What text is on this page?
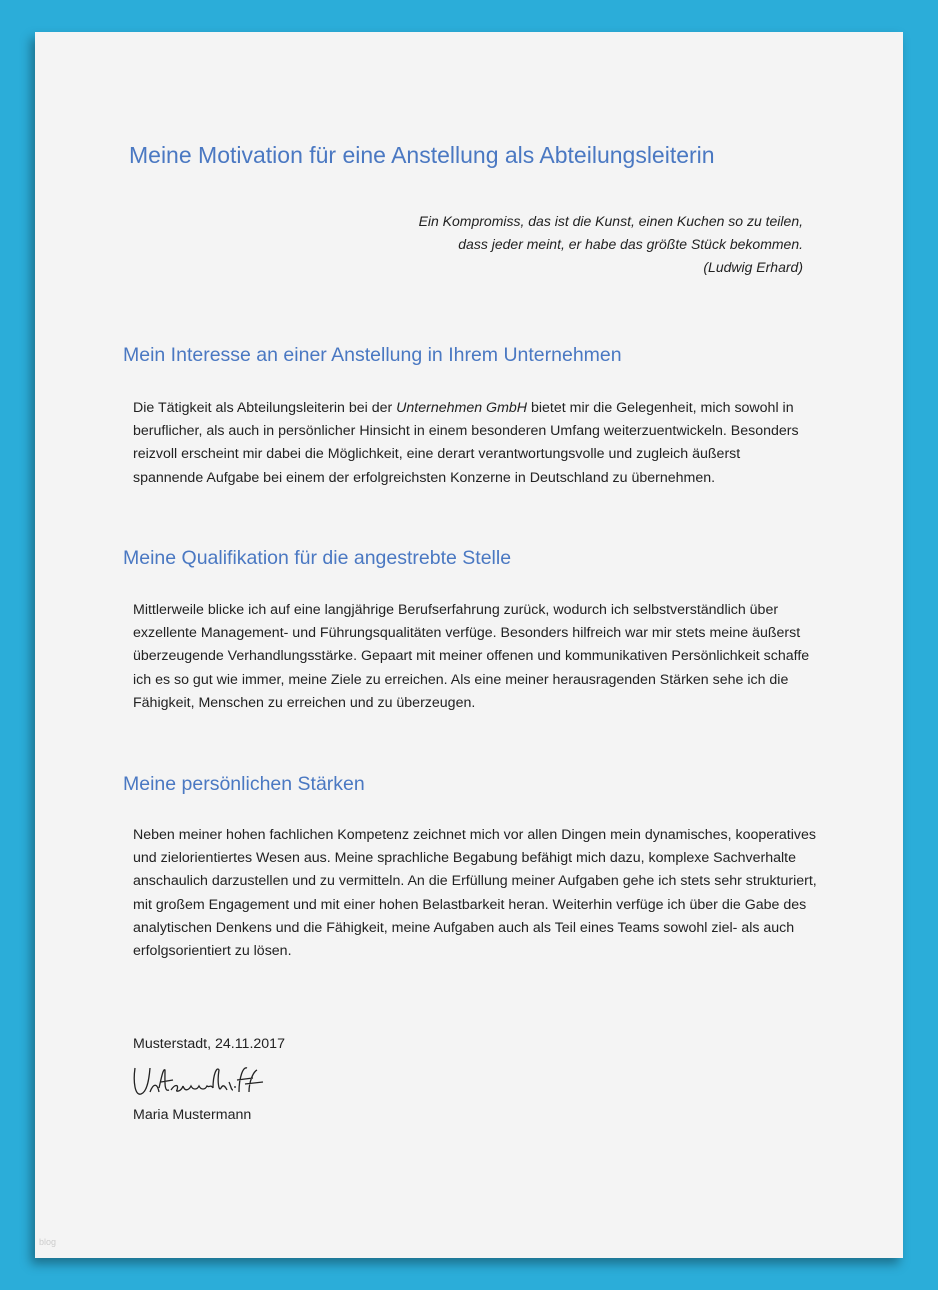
Meine Motivation für eine Anstellung als Abteilungsleiterin
Ein Kompromiss, das ist die Kunst, einen Kuchen so zu teilen,
dass jeder meint, er habe das größte Stück bekommen.
(Ludwig Erhard)
Mein Interesse an einer Anstellung in Ihrem Unternehmen

Die Tätigkeit als Abteilungsleiterin bei der Unternehmen GmbH bietet mir die Gelegenheit, mich sowohl in beruflicher, als auch in persönlicher Hinsicht in einem besonderen Umfang weiterzuentwickeln. Besonders reizvoll erscheint mir dabei die Möglichkeit, eine derart verantwortungsvolle und zugleich äußerst spannende Aufgabe bei einem der erfolgreichsten Konzerne in Deutschland zu übernehmen.

Meine Qualifikation für die angestrebte Stelle

Mittlerweile blicke ich auf eine langjährige Berufserfahrung zurück, wodurch ich selbstverständlich über exzellente Management- und Führungsqualitäten verfüge. Besonders hilfreich war mir stets meine äußerst überzeugende Verhandlungsstärke. Gepaart mit meiner offenen und kommunikativen Persönlichkeit schaffe ich es so gut wie immer, meine Ziele zu erreichen. Als eine meiner herausragenden Stärken sehe ich die Fähigkeit, Menschen zu erreichen und zu überzeugen.

Meine persönlichen Stärken

Neben meiner hohen fachlichen Kompetenz zeichnet mich vor allen Dingen mein dynamisches, kooperatives und zielorientiertes Wesen aus. Meine sprachliche Begabung befähigt mich dazu, komplexe Sachverhalte anschaulich darzustellen und zu vermitteln. An die Erfüllung meiner Aufgaben gehe ich stets sehr strukturiert, mit großem Engagement und mit einer hohen Belastbarkeit heran. Weiterhin verfüge ich über die Gabe des analytischen Denkens und die Fähigkeit, meine Aufgaben auch als Teil eines Teams sowohl ziel- als auch erfolgsorientiert zu lösen.

Musterstadt, 24.11.2017
Maria Mustermann
blog
